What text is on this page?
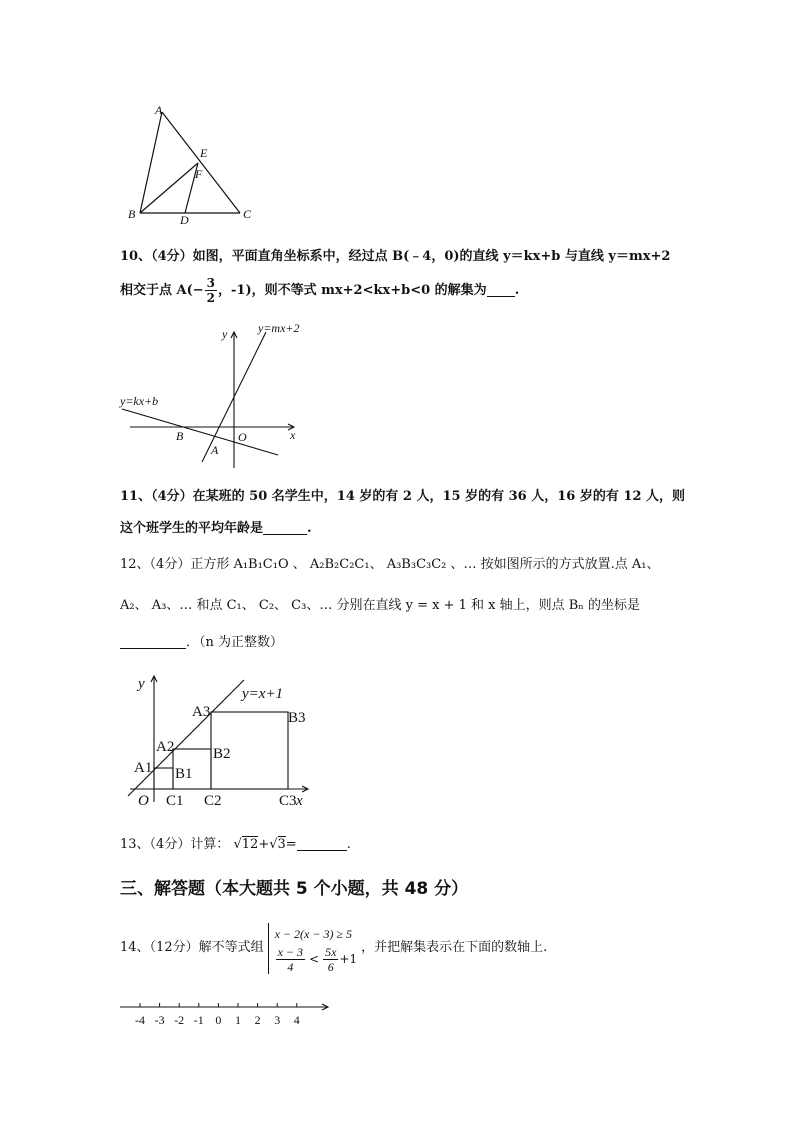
A
E
F
B	D	C
10、（4分）如图，平面直角坐标系中，经过点 B(﹣4，0)的直线 y＝kx+b 与直线 y＝mx+2
相交于点 $A(- \frac{3}{2}$ ，-1)，则不等式 mx+2<kx+b<0 的解集为 .
y
x
O
B
A
y=mx+2
y=kx+b
11、（4分）在某班的 50 名学生中，14 岁的有 2 人，15 岁的有 36 人，16 岁的有 12 人，则
这个班学生的平均年龄是	.
12、（4分）正方形 A₁B₁C₁O 、 A₂B₂C₂C₁、 A₃B₃C₃C₂ 、… 按如图所示的方式放置.点 A₁、
A₂、 A₃、… 和点 C₁、 C₂、 C₃、… 分别在直线 y = x + 1 和 x 轴上，则点 Bₙ 的坐标是
．（n 为正整数）
y
x
y=x+1
O
A1
A2
A3
B1
B2
B3
C1 C2	C3
13、（4分）计算： √12+√3=	.
三、解答题（本大题共 5 个小题，共 48 分）
14、（12分）解不等式组
x − 2(x − 3) ≥ 5
$\frac{x - 3}{4} < \frac{5x}{6} +1$
，并把解集表示在下面的数轴上.
-4 -3 -2 -1 0 1 2 3 4
